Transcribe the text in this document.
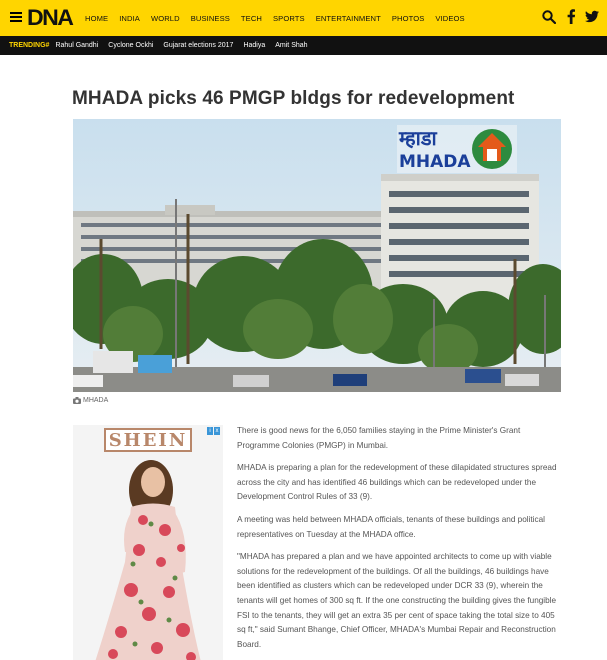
DNA HOME INDIA WORLD BUSINESS TECH SPORTS ENTERTAINMENT PHOTOS VIDEOS
TRENDING# Rahul Gandhi Cyclone Ockhi Gujarat elections 2017 Hadiya Amit Shah
MHADA picks 46 PMGP bldgs for redevelopment
म्हाडा
MHADA
MHADA
i x
SHEIN	There is good news for the 6,050 families staying in the Prime Minister's Grant Programme Colonies (PMGP) in Mumbai.

MHADA is preparing a plan for the redevelopment of these dilapidated structures spread across the city and has identified 46 buildings which can be redeveloped under the Development Control Rules of 33 (9).

A meeting was held between MHADA officials, tenants of these buildings and political representatives on Tuesday at the MHADA office.

"MHADA has prepared a plan and we have appointed architects to come up with viable solutions for the redevelopment of the buildings. Of all the buildings, 46 buildings have been identified as clusters which can be redeveloped under DCR 33 (9), wherein the tenants will get homes of 300 sq ft. If the one constructing the building gives the fungible FSI to the tenants, they will get an extra 35 per cent of space taking the total size to 405 sq ft," said Sumant Bhange, Chief Officer, MHADA's Mumbai Repair and Reconstruction Board.
